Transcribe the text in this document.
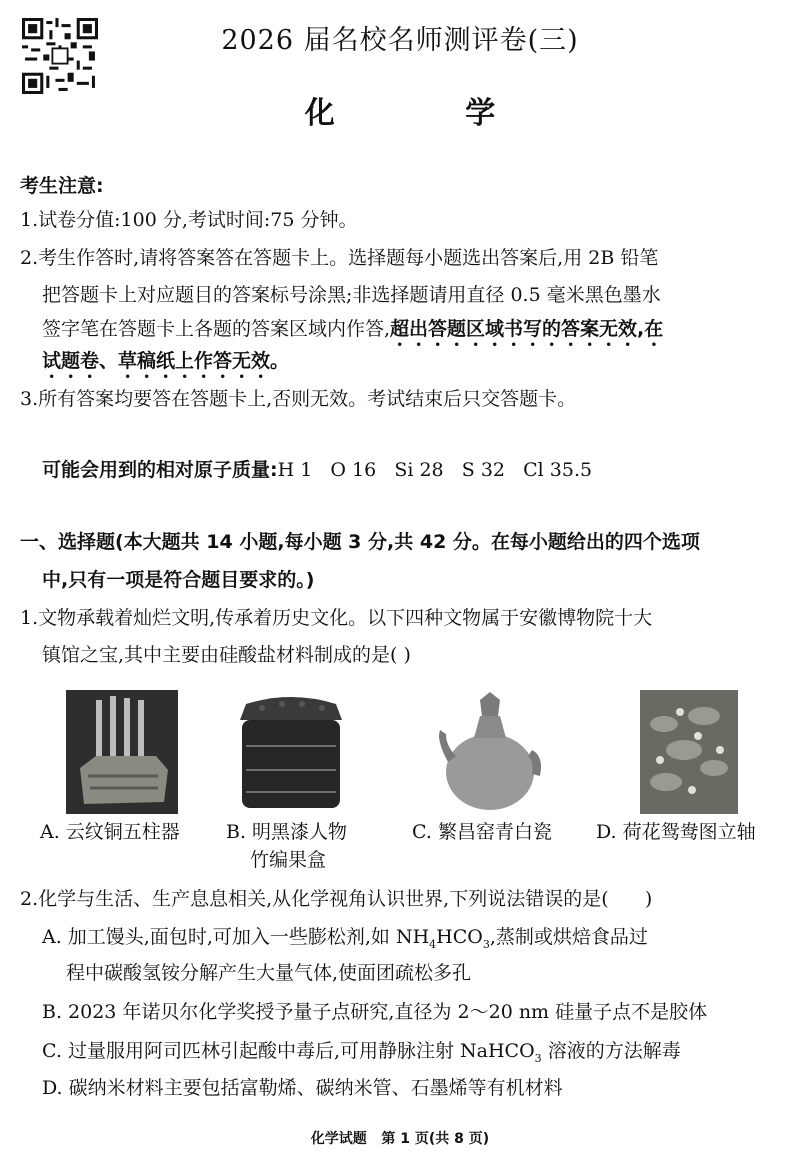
2026 届名校名师测评卷(三)
化 学
考生注意:
1.试卷分值:100 分,考试时间:75 分钟。
2.考生作答时,请将答案答在答题卡上。选择题每小题选出答案后,用 2B 铅笔
把答题卡上对应题目的答案标号涂黑;非选择题请用直径 0.5 毫米黑色墨水
签字笔在答题卡上各题的答案区域内作答,超出答题区域书写的答案无效,在
试题卷、草稿纸上作答无效。
3.所有答案均要答在答题卡上,否则无效。考试结束后只交答题卡。
可能会用到的相对原子质量:H 1   O 16   Si 28   S 32   Cl 35.5
一、选择题(本大题共 14 小题,每小题 3 分,共 42 分。在每小题给出的四个选项
中,只有一项是符合题目要求的。)
1.文物承载着灿烂文明,传承着历史文化。以下四种文物属于安徽博物院十大
镇馆之宝,其中主要由硅酸盐材料制成的是( )
A. 云纹铜五柱器 B. 明黑漆人物
竹编果盒
C. 繁昌窑青白瓷 D. 荷花鸳鸯图立轴
2.化学与生活、生产息息相关,从化学视角认识世界,下列说法错误的是(      )
A. 加工馒头,面包时,可加入一些膨松剂,如 $NH_4HCO_3$,蒸制或烘焙食品过
程中碳酸氢铵分解产生大量气体,使面团疏松多孔
B. 2023 年诺贝尔化学奖授予量子点研究,直径为 2～20 nm 硅量子点不是胶体
C. 过量服用阿司匹林引起酸中毒后,可用静脉注射 NaHCO$_3$ 溶液的方法解毒
D. 碳纳米材料主要包括富勒烯、碳纳米管、石墨烯等有机材料
化学试题   第 1 页(共 8 页)
